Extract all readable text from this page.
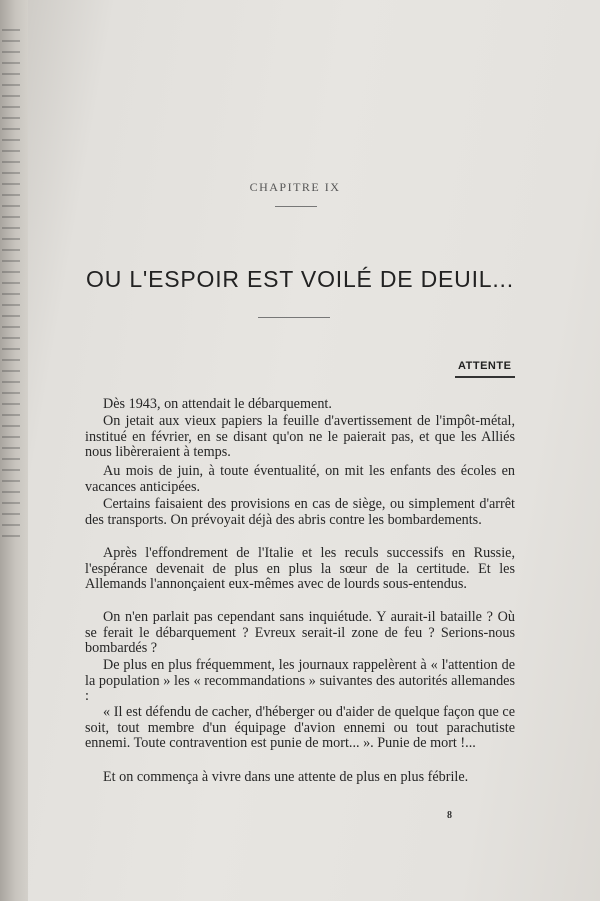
CHAPITRE IX
OU L'ESPOIR EST VOILÉ DE DEUIL...
ATTENTE

Dès 1943, on attendait le débarquement.

On jetait aux vieux papiers la feuille d'avertissement de l'impôt-métal, institué en février, en se disant qu'on ne le paierait pas, et que les Alliés nous libèreraient à temps.

Au mois de juin, à toute éventualité, on mit les enfants des écoles en vacances anticipées.

Certains faisaient des provisions en cas de siège, ou simplement d'arrêt des transports. On prévoyait déjà des abris contre les bombardements.

Après l'effondrement de l'Italie et les reculs successifs en Russie, l'espérance devenait de plus en plus la sœur de la certitude. Et les Allemands l'annonçaient eux-mêmes avec de lourds sous-entendus.

On n'en parlait pas cependant sans inquiétude. Y aurait-il bataille ? Où se ferait le débarquement ? Evreux serait-il zone de feu ? Serions-nous bombardés ?

De plus en plus fréquemment, les journaux rappelèrent à « l'attention de la population » les « recommandations » suivantes des autorités allemandes :

« Il est défendu de cacher, d'héberger ou d'aider de quelque façon que ce soit, tout membre d'un équipage d'avion ennemi ou tout parachutiste ennemi. Toute contravention est punie de mort... ». Punie de mort !...

Et on commença à vivre dans une attente de plus en plus fébrile.

8
